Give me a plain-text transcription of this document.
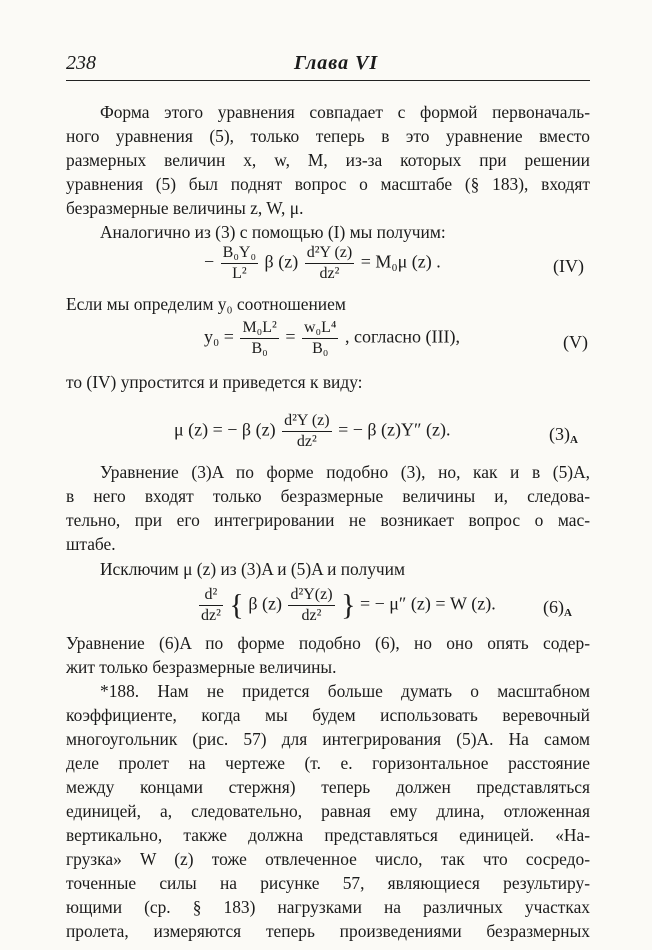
238	Глава VI
Форма этого уравнения совпадает с формой первоначаль-
ного уравнения (5), только теперь в это уравнение вместо
размерных величин x, w, M, из-за которых при решении
уравнения (5) был поднят вопрос о масштабе (§ 183), входят
безразмерные величины z, W, μ.
Аналогично из (3) с помощью (I) мы получим:
− $\frac{\text{B₀Y₀}}{\text{L²}}$ β $(z) \frac{\text{d²Y (z)}}{\text{dz²}} = M_0\mu$ (z) .	(IV)
Если мы определим y₀ соотношением
$y_0 = \frac{\text{M₀L²}}{\text{B₀}} = \frac{\text{w₀L⁴}}{\text{B₀}}$ , согласно (III),	(V)
то (IV) упростится и приведется к виду:
μ (z) = − β $(z) \frac{\text{d²Y (z)}}{\text{dz²}}$ = − β (z)Y″ (z).	$(3)_A$
Уравнение (3)A по форме подобно (3), но, как и в (5)A,
в него входят только безразмерные величины и, следова-
тельно, при его интегрировании не возникает вопрос о мас-
штабе.
Исключим μ (z) из (3)A и (5)A и получим
$\frac{\text{d²}}{\text{dz²}}$ { β $(z) \frac{\text{d²Y(z)}}{\text{dz²}}$ } = − μ″ (z) = W (z).	$(6)_A$
Уравнение (6)A по форме подобно (6), но оно опять содер-
жит только безразмерные величины.
*188. Нам не придется больше думать о масштабном
коэффициенте, когда мы будем использовать веревочный
многоугольник (рис. 57) для интегрирования (5)A. На самом
деле пролет на чертеже (т. е. горизонтальное расстояние
между концами стержня) теперь должен представляться
единицей, а, следовательно, равная ему длина, отложенная
вертикально, также должна представляться единицей. «На-
грузка» W (z) тоже отвлеченное число, так что сосредо-
точенные силы на рисунке 57, являющиеся результиру-
ющими (ср. § 183) нагрузками на различных участках
пролета, измеряются теперь произведениями безразмерных
